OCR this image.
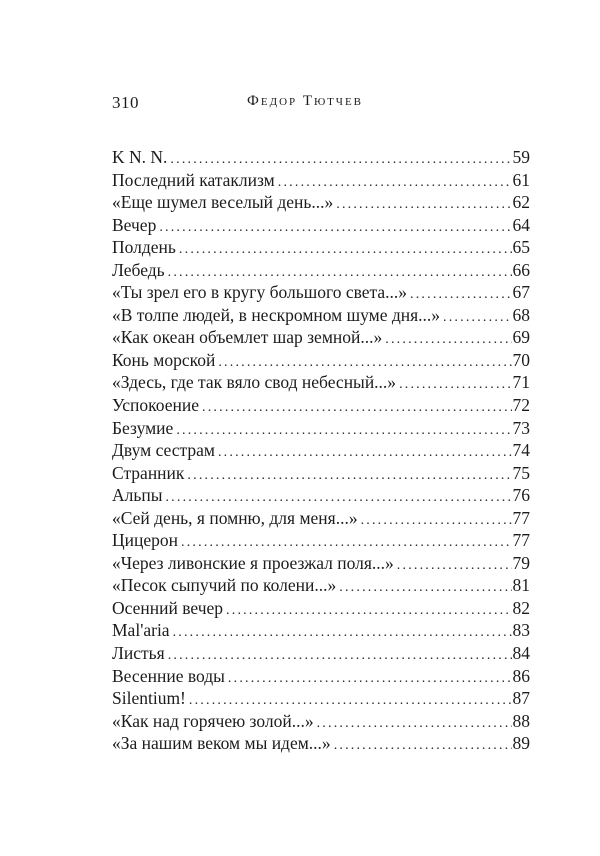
310	Федор Тютчев
K N. N. .....	59
Последний катаклизм .....	61
«Еще шумел веселый день...» .....	62
Вечер .....	64
Полдень .....	65
Лебедь .....	66
«Ты зрел его в кругу большого света...» .....	67
«В толпе людей, в нескромном шуме дня...» .....	68
«Как океан объемлет шар земной...» .....	69
Конь морской .....	70
«Здесь, где так вяло свод небесный...» .....	71
Успокоение .....	72
Безумие .....	73
Двум сестрам .....	74
Странник .....	75
Альпы .....	76
«Сей день, я помню, для меня...» .....	77
Цицерон .....	77
«Через ливонские я проезжал поля...» .....	79
«Песок сыпучий по колени...» .....	81
Осенний вечер .....	82
Mal'aria .....	83
Листья .....	84
Весенние воды .....	86
Silentium! .....	87
«Как над горячею золой...» .....	88
«За нашим веком мы идем...» .....	89
